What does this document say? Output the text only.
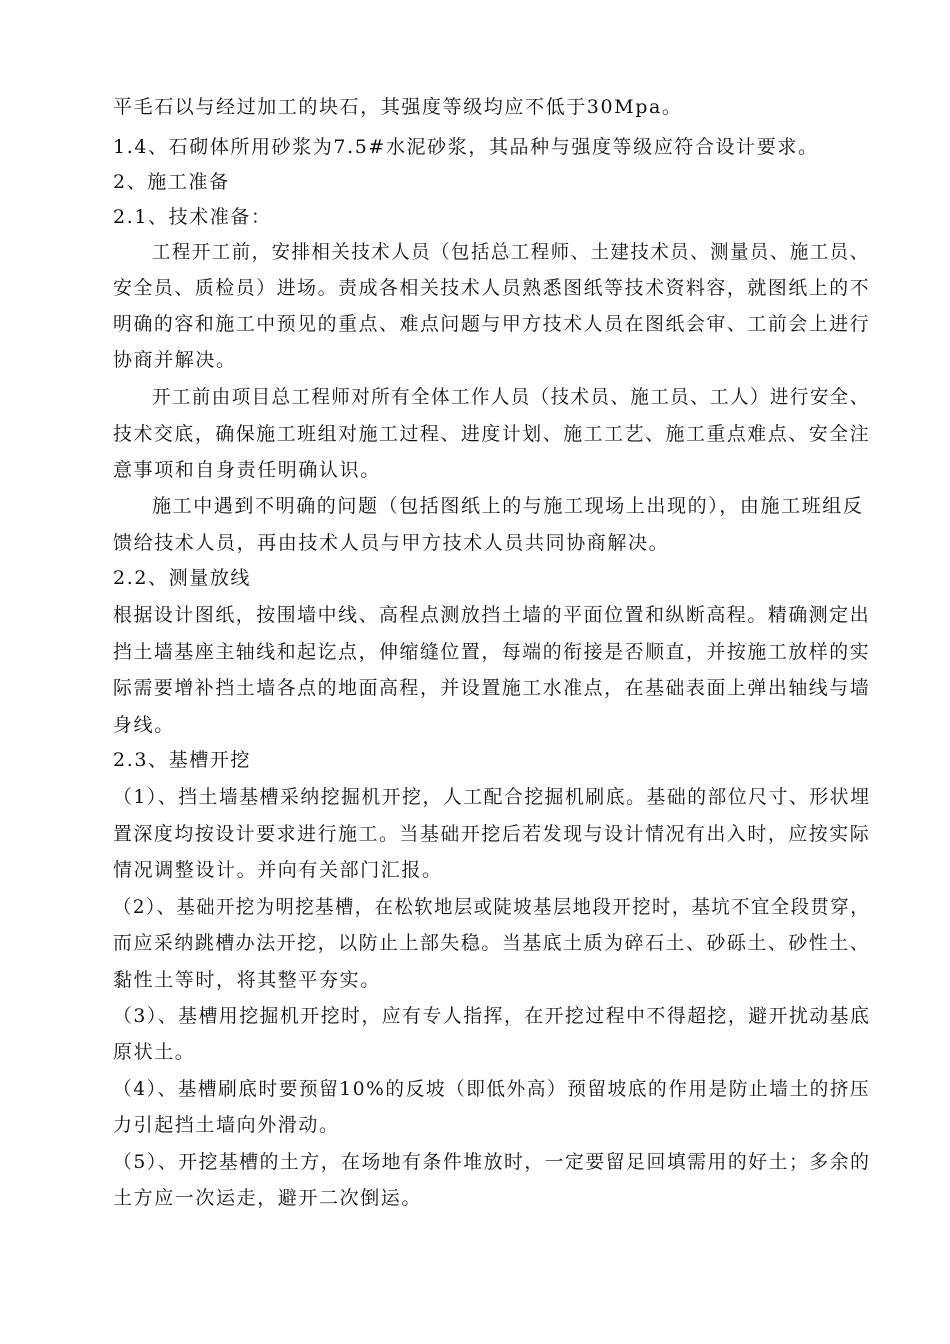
平毛石以与经过加工的块石，其强度等级均应不低于30Mpa。
1.4、石砌体所用砂浆为7.5#水泥砂浆，其品种与强度等级应符合设计要求。
2、施工准备
2.1、技术准备：
工程开工前，安排相关技术人员（包括总工程师、土建技术员、测量员、施工员、
安全员、质检员）进场。责成各相关技术人员熟悉图纸等技术资料容，就图纸上的不
明确的容和施工中预见的重点、难点问题与甲方技术人员在图纸会审、工前会上进行
协商并解决。
开工前由项目总工程师对所有全体工作人员（技术员、施工员、工人）进行安全、
技术交底，确保施工班组对施工过程、进度计划、施工工艺、施工重点难点、安全注
意事项和自身责任明确认识。
施工中遇到不明确的问题（包括图纸上的与施工现场上出现的），由施工班组反
馈给技术人员，再由技术人员与甲方技术人员共同协商解决。
2.2、测量放线
根据设计图纸，按围墙中线、高程点测放挡土墙的平面位置和纵断高程。精确测定出
挡土墙基座主轴线和起讫点，伸缩缝位置，每端的衔接是否顺直，并按施工放样的实
际需要增补挡土墙各点的地面高程，并设置施工水准点，在基础表面上弹出轴线与墙
身线。
2.3、基槽开挖
（1）、挡土墙基槽采纳挖掘机开挖，人工配合挖掘机刷底。基础的部位尺寸、形状埋
置深度均按设计要求进行施工。当基础开挖后若发现与设计情况有出入时，应按实际
情况调整设计。并向有关部门汇报。
（2）、基础开挖为明挖基槽，在松软地层或陡坡基层地段开挖时，基坑不宜全段贯穿，
而应采纳跳槽办法开挖，以防止上部失稳。当基底土质为碎石土、砂砾土、砂性土、
黏性土等时，将其整平夯实。
（3）、基槽用挖掘机开挖时，应有专人指挥，在开挖过程中不得超挖，避开扰动基底
原状土。
（4）、基槽刷底时要预留10%的反坡（即低外高）预留坡底的作用是防止墙土的挤压
力引起挡土墙向外滑动。
（5）、开挖基槽的土方，在场地有条件堆放时，一定要留足回填需用的好土；多余的
土方应一次运走，避开二次倒运。
